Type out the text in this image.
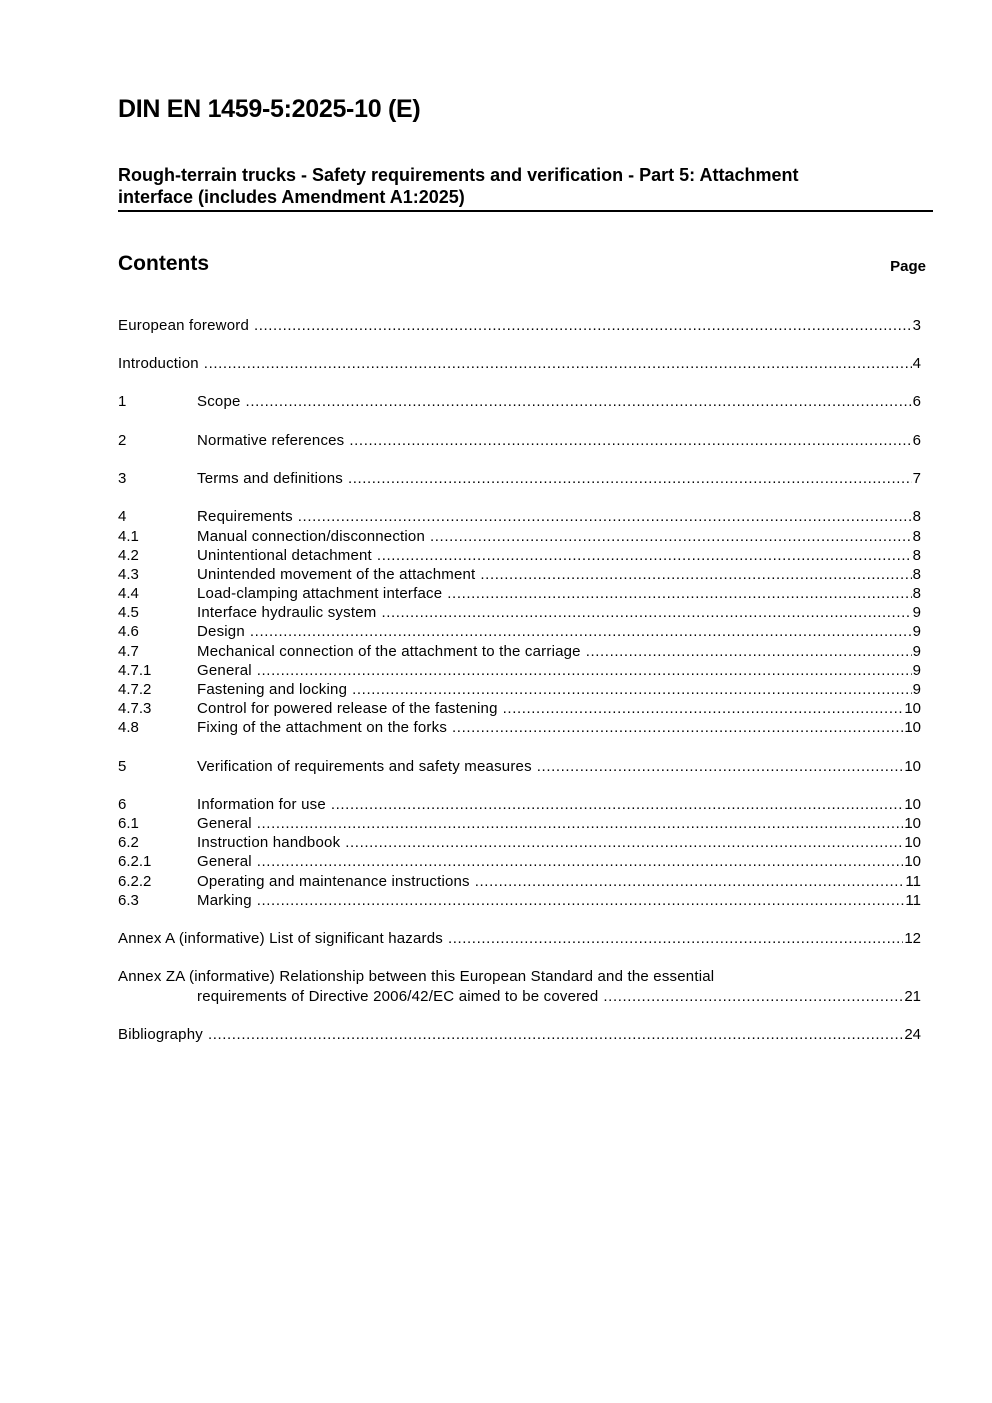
DIN EN 1459-5:2025-10 (E)
Rough-terrain trucks - Safety requirements and verification - Part 5: Attachment
interface (includes Amendment A1:2025)
Contents	Page
European foreword .....	3
Introduction .....	4
1	Scope .....	6
2	Normative references .....	6
3	Terms and definitions .....	7
4	Requirements .....	8
4.1	Manual connection/disconnection .....	8
4.2	Unintentional detachment .....	8
4.3	Unintended movement of the attachment .....	8
4.4	Load-clamping attachment interface .....	8
4.5	Interface hydraulic system .....	9
4.6	Design .....	9
4.7	Mechanical connection of the attachment to the carriage .....	9
4.7.1	General .....	9
4.7.2	Fastening and locking .....	9
4.7.3	Control for powered release of the fastening .....	10
4.8	Fixing of the attachment on the forks .....	10
5	Verification of requirements and safety measures .....	10
6	Information for use .....	10
6.1	General .....	10
6.2	Instruction handbook .....	10
6.2.1	General .....	10
6.2.2	Operating and maintenance instructions .....	11
6.3	Marking .....	11
Annex A (informative) List of significant hazards .....	12
Annex ZA (informative) Relationship between this European Standard and the essential
requirements of Directive 2006/42/EC aimed to be covered .....	21
Bibliography .....	24
